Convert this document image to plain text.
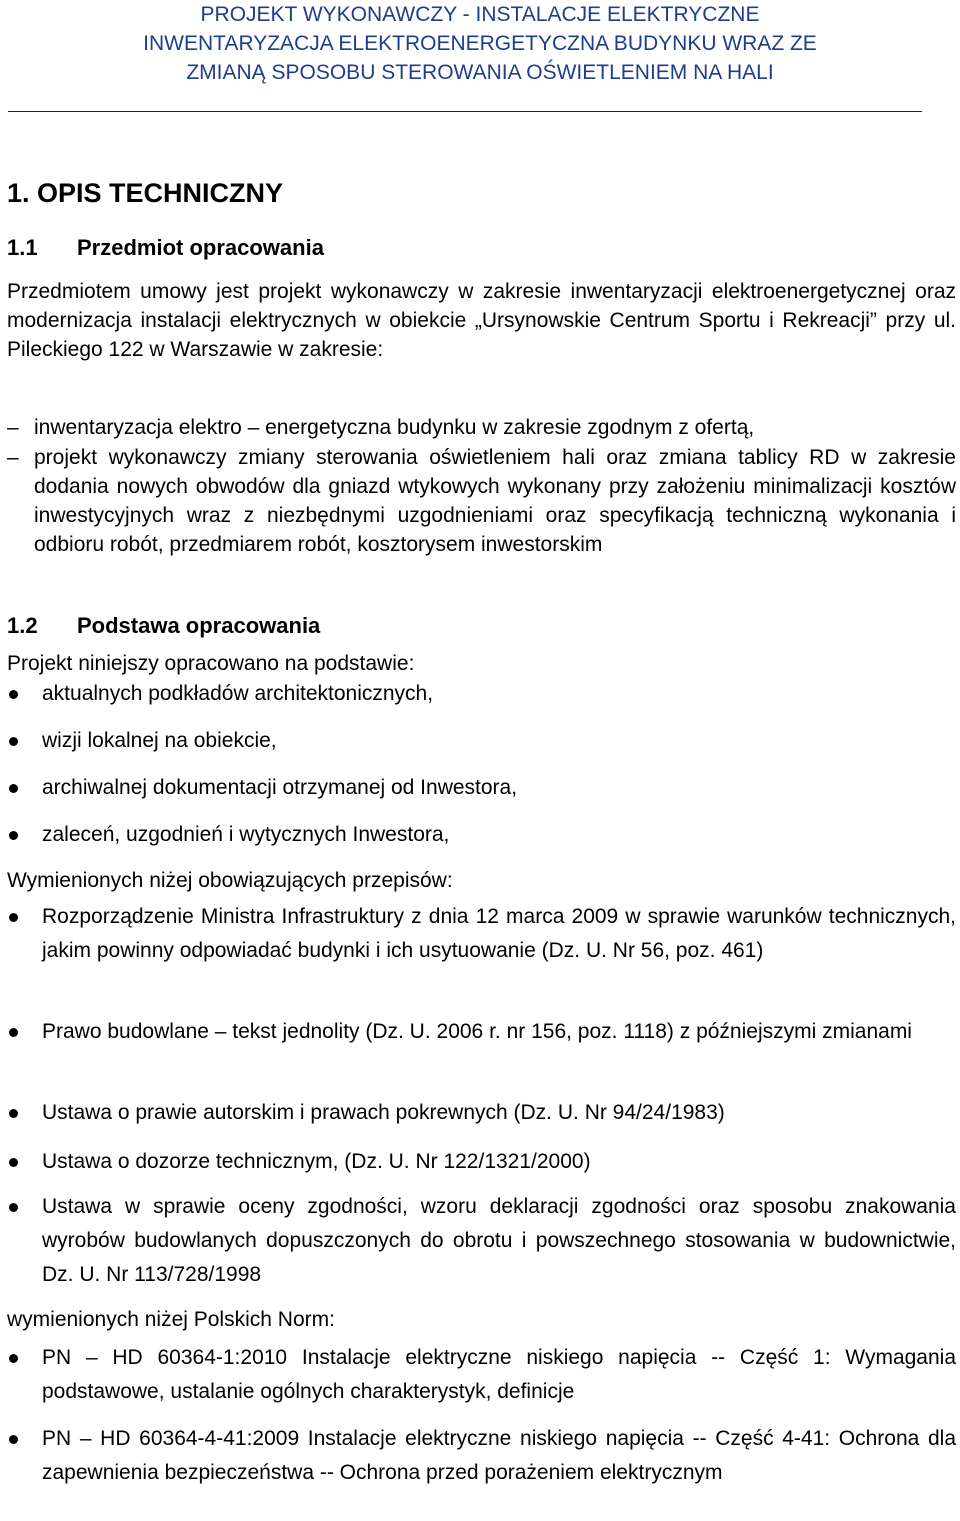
PROJEKT WYKONAWCZY - INSTALACJE ELEKTRYCZNE
INWENTARYZACJA ELEKTROENERGETYCZNA BUDYNKU WRAZ ZE
ZMIANĄ SPOSOBU STEROWANIA OŚWIETLENIEM NA HALI
1. OPIS TECHNICZNY
1.1 Przedmiot opracowania
Przedmiotem umowy jest projekt wykonawczy w zakresie inwentaryzacji elektroenergetycznej oraz modernizacja instalacji elektrycznych w obiekcie „Ursynowskie Centrum Sportu i Rekreacji” przy ul. Pileckiego 122 w Warszawie w zakresie:
– inwentaryzacja elektro – energetyczna budynku w zakresie zgodnym z ofertą,
– projekt wykonawczy zmiany sterowania oświetleniem hali oraz zmiana tablicy RD w zakresie dodania nowych obwodów dla gniazd wtykowych wykonany przy założeniu minimalizacji kosztów inwestycyjnych wraz z niezbędnymi uzgodnieniami oraz specyfikacją techniczną wykonania i odbioru robót, przedmiarem robót, kosztorysem inwestorskim
1.2 Podstawa opracowania
Projekt niniejszy opracowano na podstawie:
aktualnych podkładów architektonicznych,
wizji lokalnej na obiekcie,
archiwalnej dokumentacji otrzymanej od Inwestora,
zaleceń, uzgodnień i wytycznych Inwestora,
Wymienionych niżej obowiązujących przepisów:
Rozporządzenie Ministra Infrastruktury z dnia 12 marca 2009 w sprawie warunków technicznych, jakim powinny odpowiadać budynki i ich usytuowanie (Dz. U. Nr 56, poz. 461)
Prawo budowlane – tekst jednolity (Dz. U. 2006 r. nr 156, poz. 1118) z późniejszymi zmianami
Ustawa o prawie autorskim i prawach pokrewnych (Dz. U. Nr 94/24/1983)
Ustawa o dozorze technicznym, (Dz. U. Nr 122/1321/2000)
Ustawa w sprawie oceny zgodności, wzoru deklaracji zgodności oraz sposobu znakowania wyrobów budowlanych dopuszczonych do obrotu i powszechnego stosowania w budownictwie, Dz. U. Nr 113/728/1998
wymienionych niżej Polskich Norm:
PN – HD 60364-1:2010 Instalacje elektryczne niskiego napięcia -- Część 1: Wymagania podstawowe, ustalanie ogólnych charakterystyk, definicje
PN – HD 60364-4-41:2009 Instalacje elektryczne niskiego napięcia -- Część 4-41: Ochrona dla zapewnienia bezpieczeństwa -- Ochrona przed porażeniem elektrycznym
